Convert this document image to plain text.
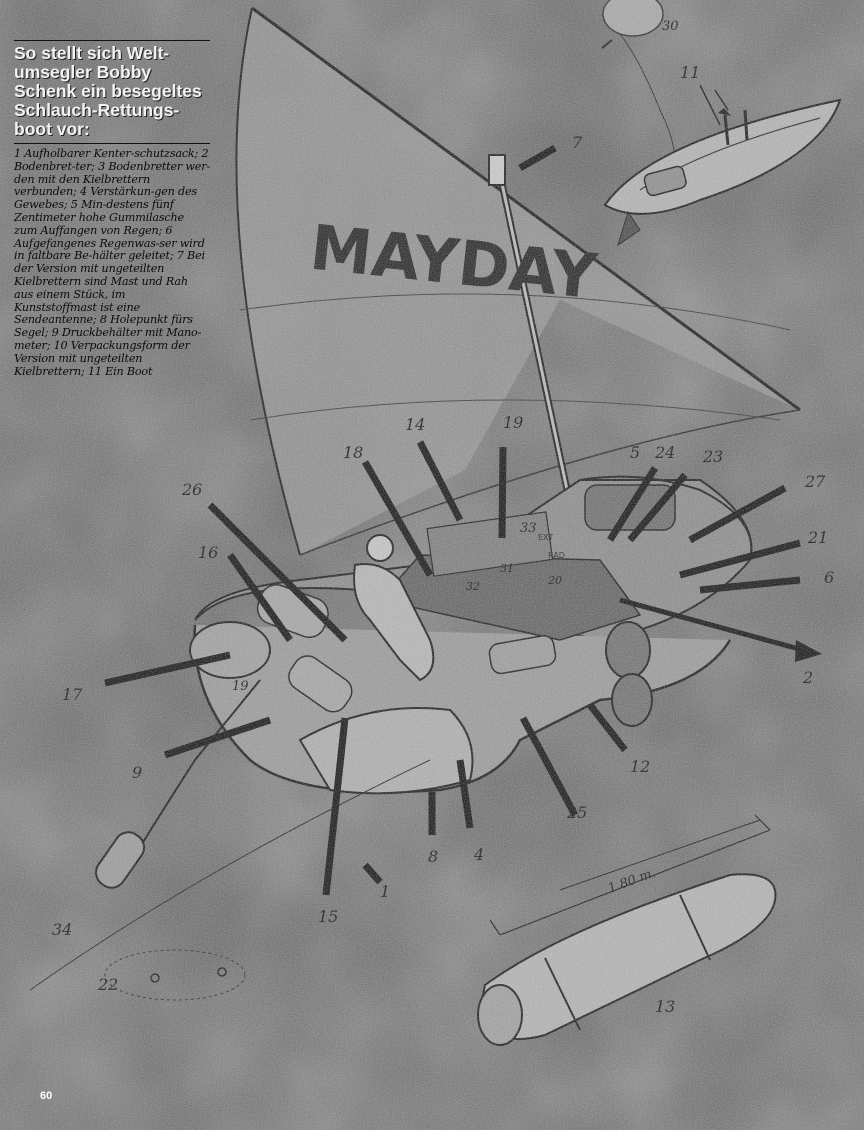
So stellt sich Welt-umsegler Bobby Schenk ein besegeltes Schlauch-Rettungs-boot vor:
1 Aufholbarer Kenter-schutzsack; 2 Bodenbret-ter; 3 Bodenbretter wer-den mit den Kielbrettern verbunden; 4 Verstärkun-gen des Gewebes; 5 Min-destens fünf Zentimeter hohe Gummilasche zum Auffangen von Regen; 6 Aufgefangenes Regenwas-ser wird in faltbare Be-hälter geleitet; 7 Bei der Version mit ungeteilten Kielbrettern sind Mast und Rah aus einem Stück, im Kunststoffmast ist eine Sendeantenne; 8 Holepunkt fürs Segel; 9 Druckbehälter mit Mano-meter; 10 Verpackungsform der Version mit ungeteilten Kielbrettern; 11 Ein Boot
60
